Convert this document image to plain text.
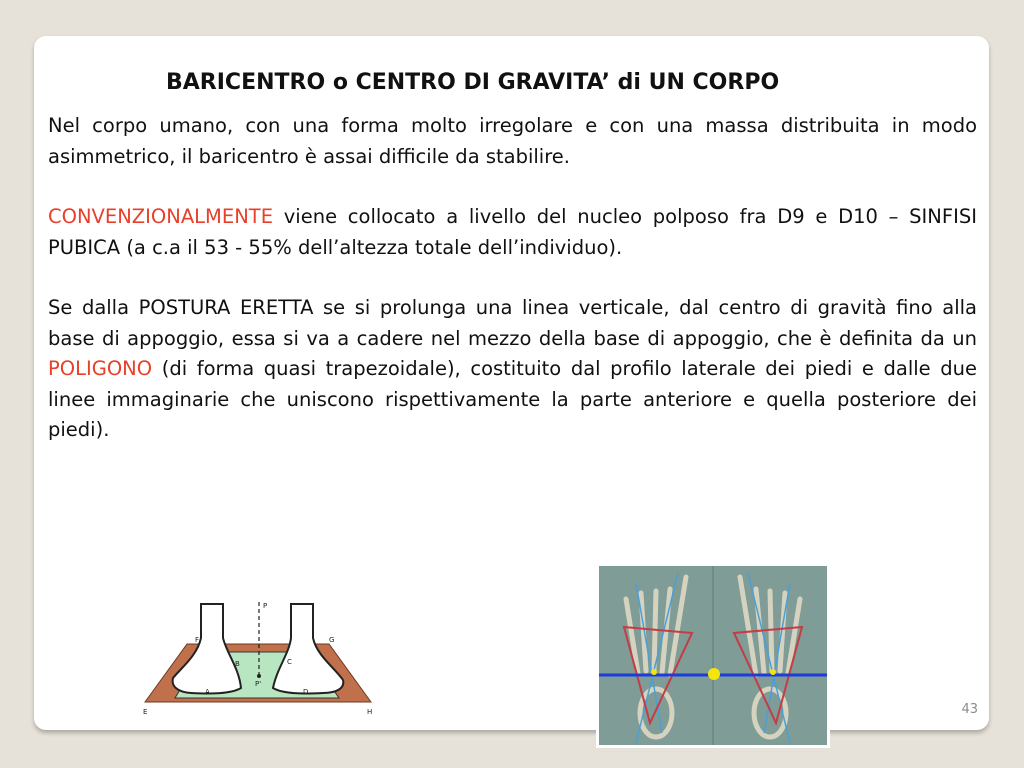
BARICENTRO o CENTRO DI GRAVITA’ di UN CORPO

Nel corpo umano, con una forma molto irregolare e con una massa distribuita in modo asimmetrico, il baricentro è assai difficile da stabilire.

CONVENZIONALMENTE viene collocato a livello del nucleo polposo fra D9 e D10 – SINFISI PUBICA (a c.a il 53 - 55% dell’altezza totale dell’individuo).

Se dalla POSTURA ERETTA se si prolunga una linea verticale, dal centro di gravità fino alla base di appoggio, essa si va a cadere nel mezzo della base di appoggio, che è definita da un POLIGONO (di forma quasi trapezoidale), costituito dal profilo laterale dei piedi e dalle due linee immaginarie che uniscono rispettivamente la parte anteriore e quella posteriore dei piedi).

P
F	G
B	C
P'
A	D
E	H	43
